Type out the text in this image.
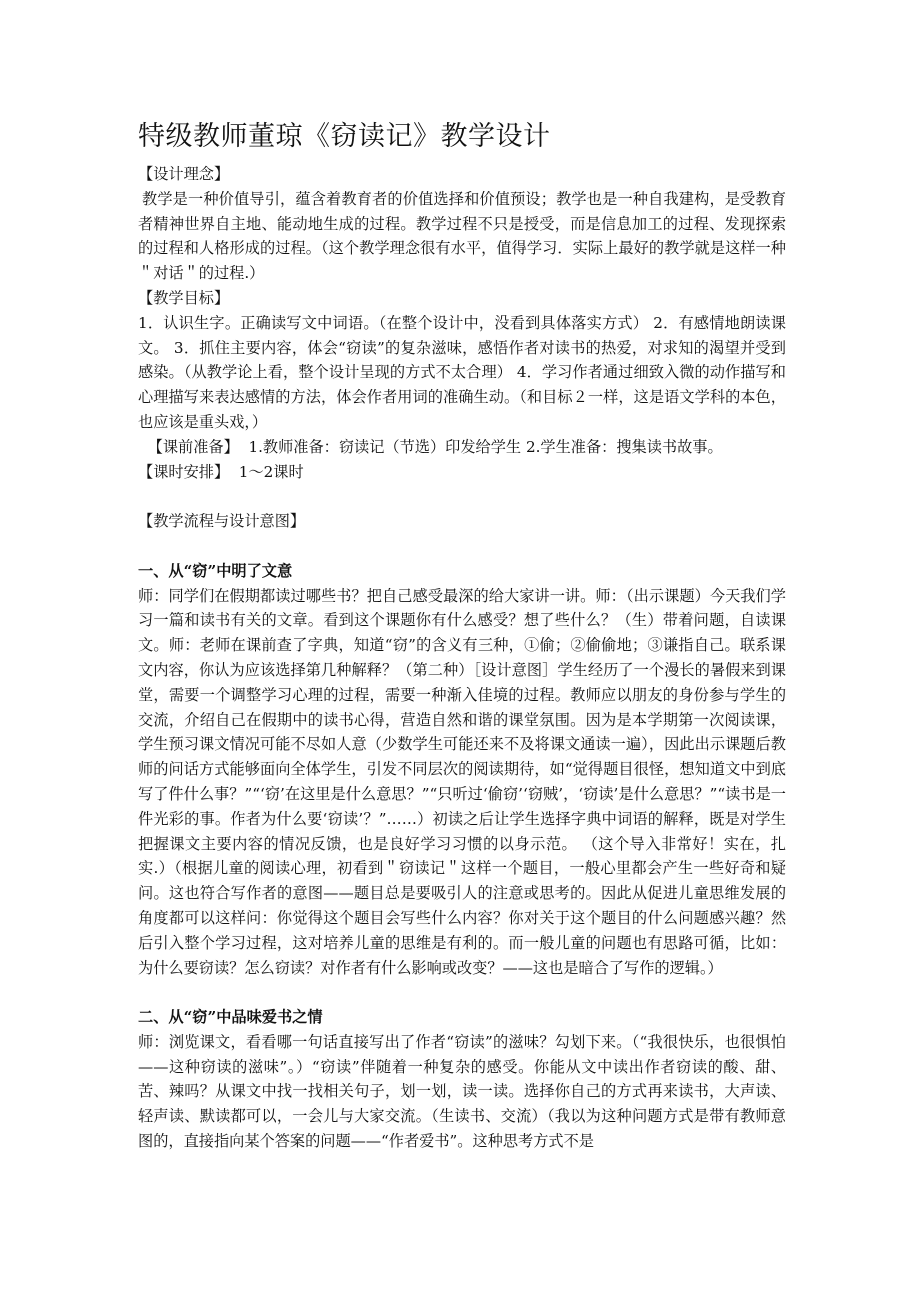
特级教师董琼《窃读记》教学设计

【设计理念】

教学是一种价值导引，蕴含着教育者的价值选择和价值预设；教学也是一种自我建构，是受教育者精神世界自主地、能动地生成的过程。教学过程不只是授受，而是信息加工的过程、发现探索的过程和人格形成的过程。（这个教学理念很有水平，值得学习．实际上最好的教学就是这样一种＂对话＂的过程.）

【教学目标】

1．认识生字。正确读写文中词语。（在整个设计中，没看到具体落实方式） 2．有感情地朗读课文。 3．抓住主要内容，体会“窃读”的复杂滋味，感悟作者对读书的热爱，对求知的渴望并受到感染。（从教学论上看，整个设计呈现的方式不太合理） 4．学习作者通过细致入微的动作描写和心理描写来表达感情的方法，体会作者用词的准确生动。（和目标２一样，这是语文学科的本色，也应该是重头戏，）

【课前准备】 1.教师准备：窃读记（节选）印发给学生 2.学生准备：搜集读书故事。

【课时安排】 1～2课时

【教学流程与设计意图】

一、从“窃”中明了文意

师：同学们在假期都读过哪些书？把自己感受最深的给大家讲一讲。师：（出示课题）今天我们学习一篇和读书有关的文章。看到这个课题你有什么感受？想了些什么？（生）带着问题，自读课文。师：老师在课前查了字典，知道“窃”的含义有三种，①偷；②偷偷地；③谦指自己。联系课文内容，你认为应该选择第几种解释？（第二种）［设计意图］学生经历了一个漫长的暑假来到课堂，需要一个调整学习心理的过程，需要一种渐入佳境的过程。教师应以朋友的身份参与学生的交流，介绍自己在假期中的读书心得，营造自然和谐的课堂氛围。因为是本学期第一次阅读课，学生预习课文情况可能不尽如人意（少数学生可能还来不及将课文通读一遍），因此出示课题后教师的问话方式能够面向全体学生，引发不同层次的阅读期待，如“觉得题目很怪，想知道文中到底写了件什么事？”“‘窃’在这里是什么意思？”“只听过‘偷窃’‘窃贼’，‘窃读’是什么意思？”“读书是一件光彩的事。作者为什么要‘窃读’？”……）初读之后让学生选择字典中词语的解释，既是对学生把握课文主要内容的情况反馈，也是良好学习习惯的以身示范。 （这个导入非常好！实在，扎实.）（根据儿童的阅读心理，初看到＂窃读记＂这样一个题目，一般心里都会产生一些好奇和疑问。这也符合写作者的意图——题目总是要吸引人的注意或思考的。因此从促进儿童思维发展的角度都可以这样问：你觉得这个题目会写些什么内容？你对关于这个题目的什么问题感兴趣？然后引入整个学习过程，这对培养儿童的思维是有利的。而一般儿童的问题也有思路可循，比如：为什么要窃读？怎么窃读？对作者有什么影响或改变？——这也是暗合了写作的逻辑。）

二、从“窃”中品味爱书之情

师：浏览课文，看看哪一句话直接写出了作者“窃读”的滋味？勾划下来。（“我很快乐，也很惧怕——这种窃读的滋味”。）“窃读”伴随着一种复杂的感受。你能从文中读出作者窃读的酸、甜、苦、辣吗？从课文中找一找相关句子，划一划，读一读。选择你自己的方式再来读书，大声读、轻声读、默读都可以，一会儿与大家交流。（生读书、交流）（我以为这种问题方式是带有教师意图的，直接指向某个答案的问题——“作者爱书”。这种思考方式不是
